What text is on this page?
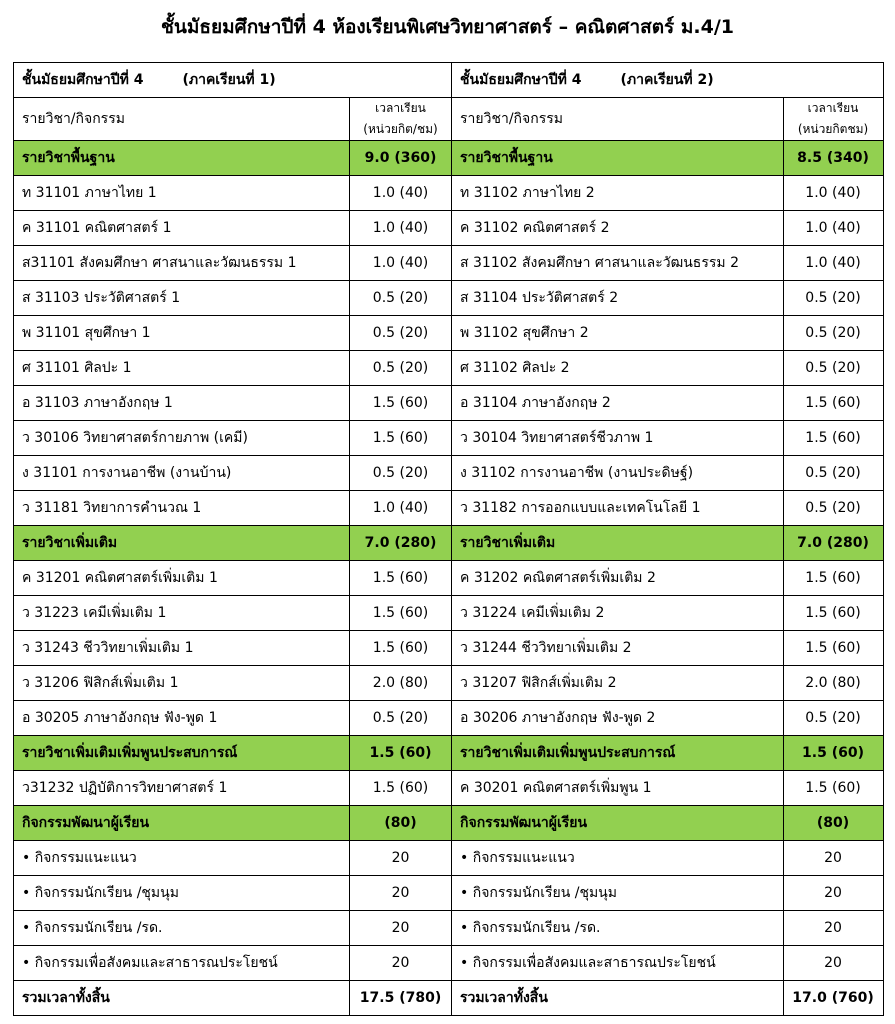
ชั้นมัธยมศึกษาปีที่ 4 ห้องเรียนพิเศษวิทยาศาสตร์ – คณิตศาสตร์ ม.4/1
ชั้นมัธยมศึกษาปีที่ 4        (ภาคเรียนที่ 1)	
รายวิชา/กิจกรรม	เวลาเรียน
(หน่วยกิต/ชม)

รายวิชาพื้นฐาน	9.0 (360)
ท 31101 ภาษาไทย 1	1.0 (40)
ค 31101 คณิตศาสตร์ 1	1.0 (40)
ส31101 สังคมศึกษา ศาสนาและวัฒนธรรม 1	1.0 (40)
ส 31103 ประวัติศาสตร์ 1	0.5 (20)
พ 31101 สุขศึกษา 1	0.5 (20)
ศ 31101 ศิลปะ 1	0.5 (20)
อ 31103 ภาษาอังกฤษ 1	1.5 (60)
ว 30106 วิทยาศาสตร์กายภาพ (เคมี)	1.5 (60)
ง 31101 การงานอาชีพ (งานบ้าน)	0.5 (20)
ว 31181 วิทยาการคำนวณ 1	1.0 (40)
รายวิชาเพิ่มเติม	7.0 (280)
ค 31201 คณิตศาสตร์เพิ่มเติม 1	1.5 (60)
ว 31223 เคมีเพิ่มเติม 1	1.5 (60)
ว 31243 ชีววิทยาเพิ่มเติม 1	1.5 (60)
ว 31206 ฟิสิกส์เพิ่มเติม 1	2.0 (80)
อ 30205 ภาษาอังกฤษ ฟัง-พูด 1	0.5 (20)
รายวิชาเพิ่มเติมเพิ่มพูนประสบการณ์	1.5 (60)
ว31232 ปฏิบัติการวิทยาศาสตร์ 1	1.5 (60)
กิจกรรมพัฒนาผู้เรียน	(80)
• กิจกรรมแนะแนว	20
• กิจกรรมนักเรียน /ชุมนุม	20
• กิจกรรมนักเรียน /รด.	20
• กิจกรรมเพื่อสังคมและสาธารณประโยชน์	20
รวมเวลาทั้งสิ้น	17.5 (780)
ชั้นมัธยมศึกษาปีที่ 4        (ภาคเรียนที่ 2)	
รายวิชา/กิจกรรม	เวลาเรียน
(หน่วยกิตชม)

รายวิชาพื้นฐาน	8.5 (340)
ท 31102 ภาษาไทย 2	1.0 (40)
ค 31102 คณิตศาสตร์ 2	1.0 (40)
ส 31102 สังคมศึกษา ศาสนาและวัฒนธรรม 2	1.0 (40)
ส 31104 ประวัติศาสตร์ 2	0.5 (20)
พ 31102 สุขศึกษา 2	0.5 (20)
ศ 31102 ศิลปะ 2	0.5 (20)
อ 31104 ภาษาอังกฤษ 2	1.5 (60)
ว 30104 วิทยาศาสตร์ชีวภาพ 1	1.5 (60)
ง 31102 การงานอาชีพ (งานประดิษฐ์)	0.5 (20)
ว 31182 การออกแบบและเทคโนโลยี 1	0.5 (20)
รายวิชาเพิ่มเติม	7.0 (280)
ค 31202 คณิตศาสตร์เพิ่มเติม 2	1.5 (60)
ว 31224 เคมีเพิ่มเติม 2	1.5 (60)
ว 31244 ชีววิทยาเพิ่มเติม 2	1.5 (60)
ว 31207 ฟิสิกส์เพิ่มเติม 2	2.0 (80)
อ 30206 ภาษาอังกฤษ ฟัง-พูด 2	0.5 (20)
รายวิชาเพิ่มเติมเพิ่มพูนประสบการณ์	1.5 (60)
ค 30201 คณิตศาสตร์เพิ่มพูน 1	1.5 (60)
กิจกรรมพัฒนาผู้เรียน	(80)
• กิจกรรมแนะแนว	20
• กิจกรรมนักเรียน /ชุมนุม	20
• กิจกรรมนักเรียน /รด.	20
• กิจกรรมเพื่อสังคมและสาธารณประโยชน์	20
รวมเวลาทั้งสิ้น	17.0 (760)
